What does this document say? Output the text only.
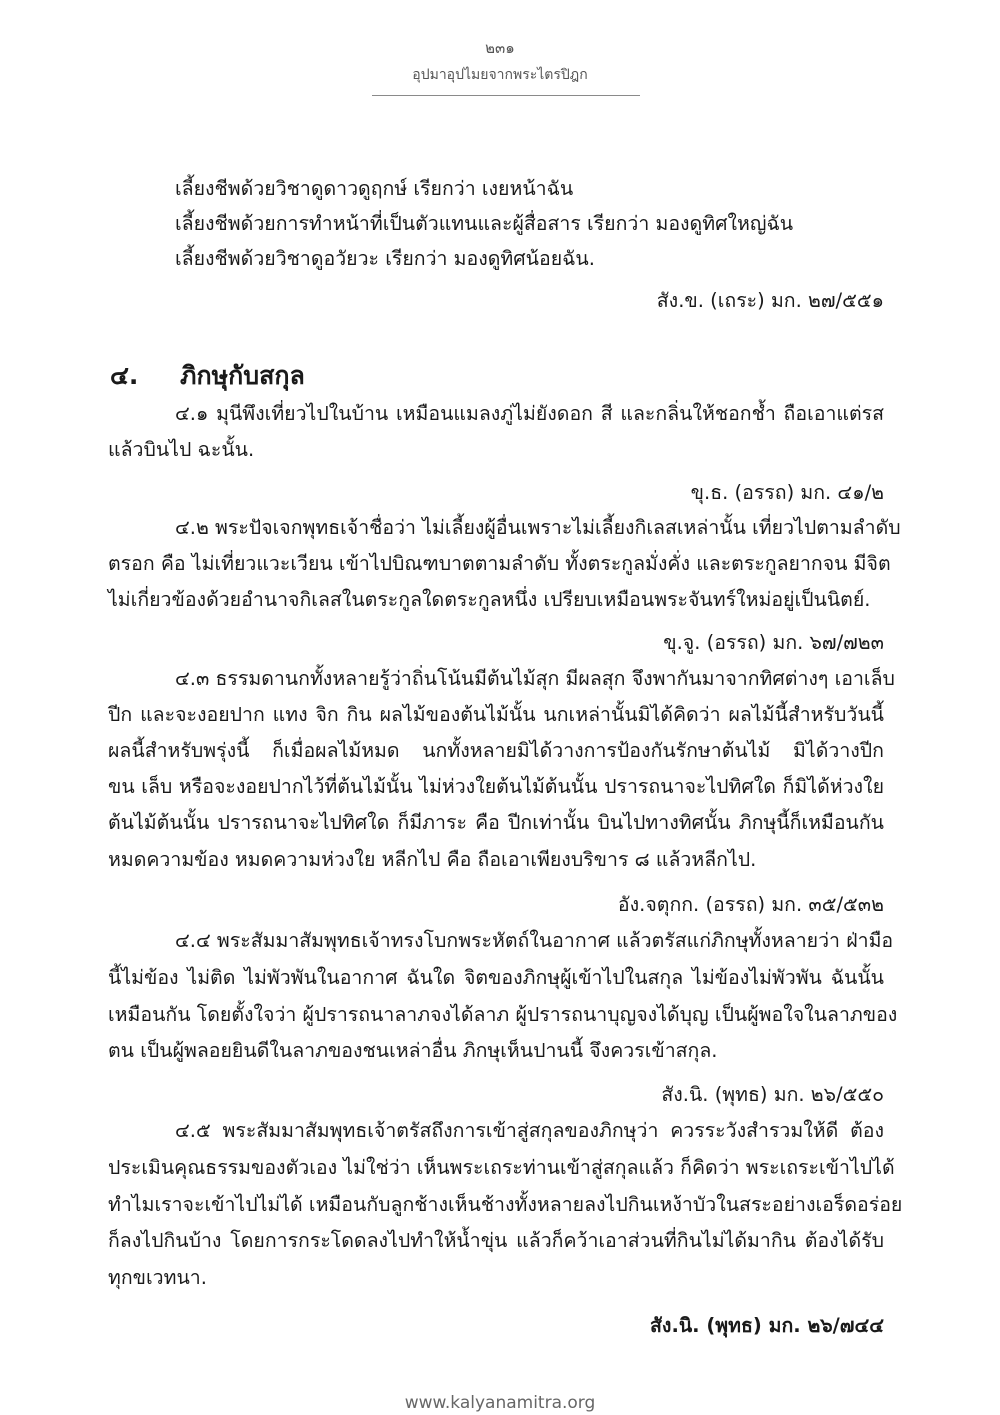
๒๓๑
อุปมาอุปไมยจากพระไตรปิฎก
เลี้ยงชีพด้วยวิชาดูดาวดูฤกษ์ เรียกว่า เงยหน้าฉัน
เลี้ยงชีพด้วยการทำหน้าที่เป็นตัวแทนและผู้สื่อสาร เรียกว่า มองดูทิศใหญ่ฉัน
เลี้ยงชีพด้วยวิชาดูอวัยวะ เรียกว่า มองดูทิศน้อยฉัน.
สัง.ข. (เถระ) มก. ๒๗/๕๕๑
๔. ภิกษุกับสกุล
๔.๑ มุนีพึงเที่ยวไปในบ้าน เหมือนแมลงภู่ไม่ยังดอก สี และกลิ่นให้ชอกช้ำ ถือเอาแต่รส
แล้วบินไป ฉะนั้น.
ขุ.ธ. (อรรถ) มก. ๔๑/๒
๔.๒ พระปัจเจกพุทธเจ้าชื่อว่า ไม่เลี้ยงผู้อื่นเพราะไม่เลี้ยงกิเลสเหล่านั้น เที่ยวไปตามลำดับ
ตรอก คือ ไม่เที่ยวแวะเวียน เข้าไปบิณฑบาตตามลำดับ ทั้งตระกูลมั่งคั่ง และตระกูลยากจน มีจิต
ไม่เกี่ยวข้องด้วยอำนาจกิเลสในตระกูลใดตระกูลหนึ่ง เปรียบเหมือนพระจันทร์ใหม่อยู่เป็นนิตย์.
ขุ.จู. (อรรถ) มก. ๖๗/๗๒๓
๔.๓ ธรรมดานกทั้งหลายรู้ว่าถิ่นโน้นมีต้นไม้สุก มีผลสุก จึงพากันมาจากทิศต่างๆ เอาเล็บ
ปีก และจะงอยปาก แทง จิก กิน ผลไม้ของต้นไม้นั้น นกเหล่านั้นมิได้คิดว่า ผลไม้นี้สำหรับวันนี้
ผลนี้สำหรับพรุ่งนี้ ก็เมื่อผลไม้หมด นกทั้งหลายมิได้วางการป้องกันรักษาต้นไม้ มิได้วางปีก
ขน เล็บ หรือจะงอยปากไว้ที่ต้นไม้นั้น ไม่ห่วงใยต้นไม้ต้นนั้น ปรารถนาจะไปทิศใด ก็มิได้ห่วงใย
ต้นไม้ต้นนั้น ปรารถนาจะไปทิศใด ก็มีภาระ คือ ปีกเท่านั้น บินไปทางทิศนั้น ภิกษุนี้ก็เหมือนกัน
หมดความข้อง หมดความห่วงใย หลีกไป คือ ถือเอาเพียงบริขาร ๘ แล้วหลีกไป.
อัง.จตุกก. (อรรถ) มก. ๓๕/๕๓๒
๔.๔ พระสัมมาสัมพุทธเจ้าทรงโบกพระหัตถ์ในอากาศ แล้วตรัสแก่ภิกษุทั้งหลายว่า ฝ่ามือ
นี้ไม่ข้อง ไม่ติด ไม่พัวพันในอากาศ ฉันใด จิตของภิกษุผู้เข้าไปในสกุล ไม่ข้องไม่พัวพัน ฉันนั้น
เหมือนกัน โดยตั้งใจว่า ผู้ปรารถนาลาภจงได้ลาภ ผู้ปรารถนาบุญจงได้บุญ เป็นผู้พอใจในลาภของ
ตน เป็นผู้พลอยยินดีในลาภของชนเหล่าอื่น ภิกษุเห็นปานนี้ จึงควรเข้าสกุล.
สัง.นิ. (พุทธ) มก. ๒๖/๕๕๐
๔.๕ พระสัมมาสัมพุทธเจ้าตรัสถึงการเข้าสู่สกุลของภิกษุว่า ควรระวังสำรวมให้ดี ต้อง
ประเมินคุณธรรมของตัวเอง ไม่ใช่ว่า เห็นพระเถระท่านเข้าสู่สกุลแล้ว ก็คิดว่า พระเถระเข้าไปได้
ทำไมเราจะเข้าไปไม่ได้ เหมือนกับลูกช้างเห็นช้างทั้งหลายลงไปกินเหง้าบัวในสระอย่างเอร็ดอร่อย
ก็ลงไปกินบ้าง โดยการกระโดดลงไปทำให้น้ำขุ่น แล้วก็คว้าเอาส่วนที่กินไม่ได้มากิน ต้องได้รับ
ทุกขเวทนา.
สัง.นิ. (พุทธ) มก. ๒๖/๗๔๔
www.kalyanamitra.org
